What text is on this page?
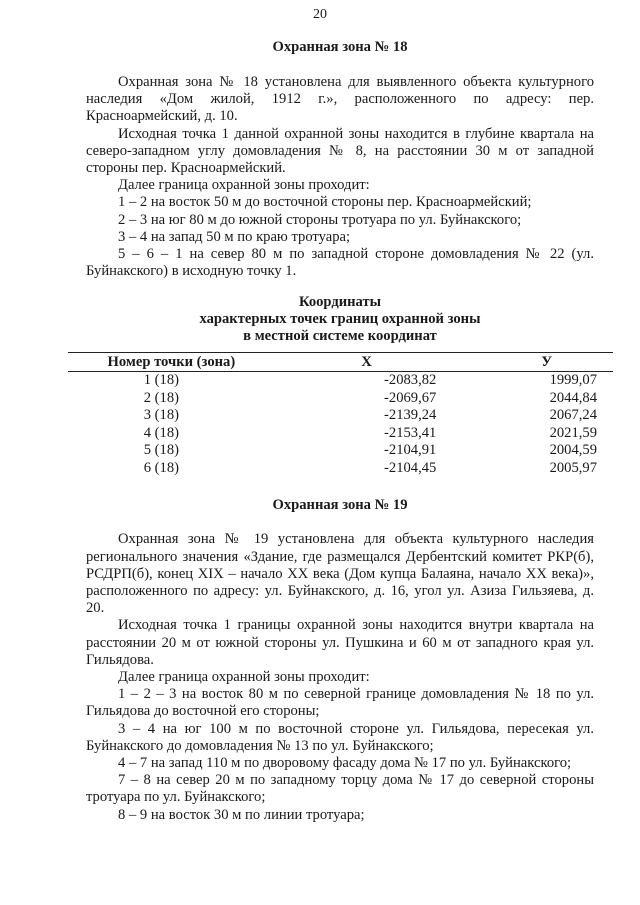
20
Охранная зона № 18

Охранная зона № 18 установлена для выявленного объекта культурного наследия «Дом жилой, 1912 г.», расположенного по адресу: пер. Красноармейский, д. 10.

Исходная точка 1 данной охранной зоны находится в глубине квартала на северо-западном углу домовладения № 8, на расстоянии 30 м от западной стороны пер. Красноармейский.

Далее граница охранной зоны проходит:

1 – 2 на восток 50 м до восточной стороны пер. Красноармейский;

2 – 3 на юг 80 м до южной стороны тротуара по ул. Буйнакского;

3 – 4 на запад 50 м по краю тротуара;

5 – 6 – 1 на север 80 м по западной стороне домовладения № 22 (ул. Буйнакского) в исходную точку 1.

Координаты
характерных точек границ охранной зоны
в местной системе координат
Номер точки (зона)	X	У
1 (18)	-2083,82	1999,07
2 (18)	-2069,67	2044,84
3 (18)	-2139,24	2067,24
4 (18)	-2153,41	2021,59
5 (18)	-2104,91	2004,59
6 (18)	-2104,45	2005,97
Охранная зона № 19

Охранная зона № 19 установлена для объекта культурного наследия регионального значения «Здание, где размещался Дербентский комитет РКР(б), РСДРП(б), конец XIX – начало XX века (Дом купца Балаяна, начало XX века)», расположенного по адресу: ул. Буйнакского, д. 16, угол ул. Азиза Гильзяева, д. 20.

Исходная точка 1 границы охранной зоны находится внутри квартала на расстоянии 20 м от южной стороны ул. Пушкина и 60 м от западного края ул. Гильядова.

Далее граница охранной зоны проходит:

1 – 2 – 3 на восток 80 м по северной границе домовладения № 18 по ул. Гильядова до восточной его стороны;

3 – 4 на юг 100 м по восточной стороне ул. Гильядова, пересекая ул. Буйнакского до домовладения № 13 по ул. Буйнакского;

4 – 7 на запад 110 м по дворовому фасаду дома № 17 по ул. Буйнакского;

7 – 8 на север 20 м по западному торцу дома № 17 до северной стороны тротуара по ул. Буйнакского;

8 – 9 на восток 30 м по линии тротуара;
